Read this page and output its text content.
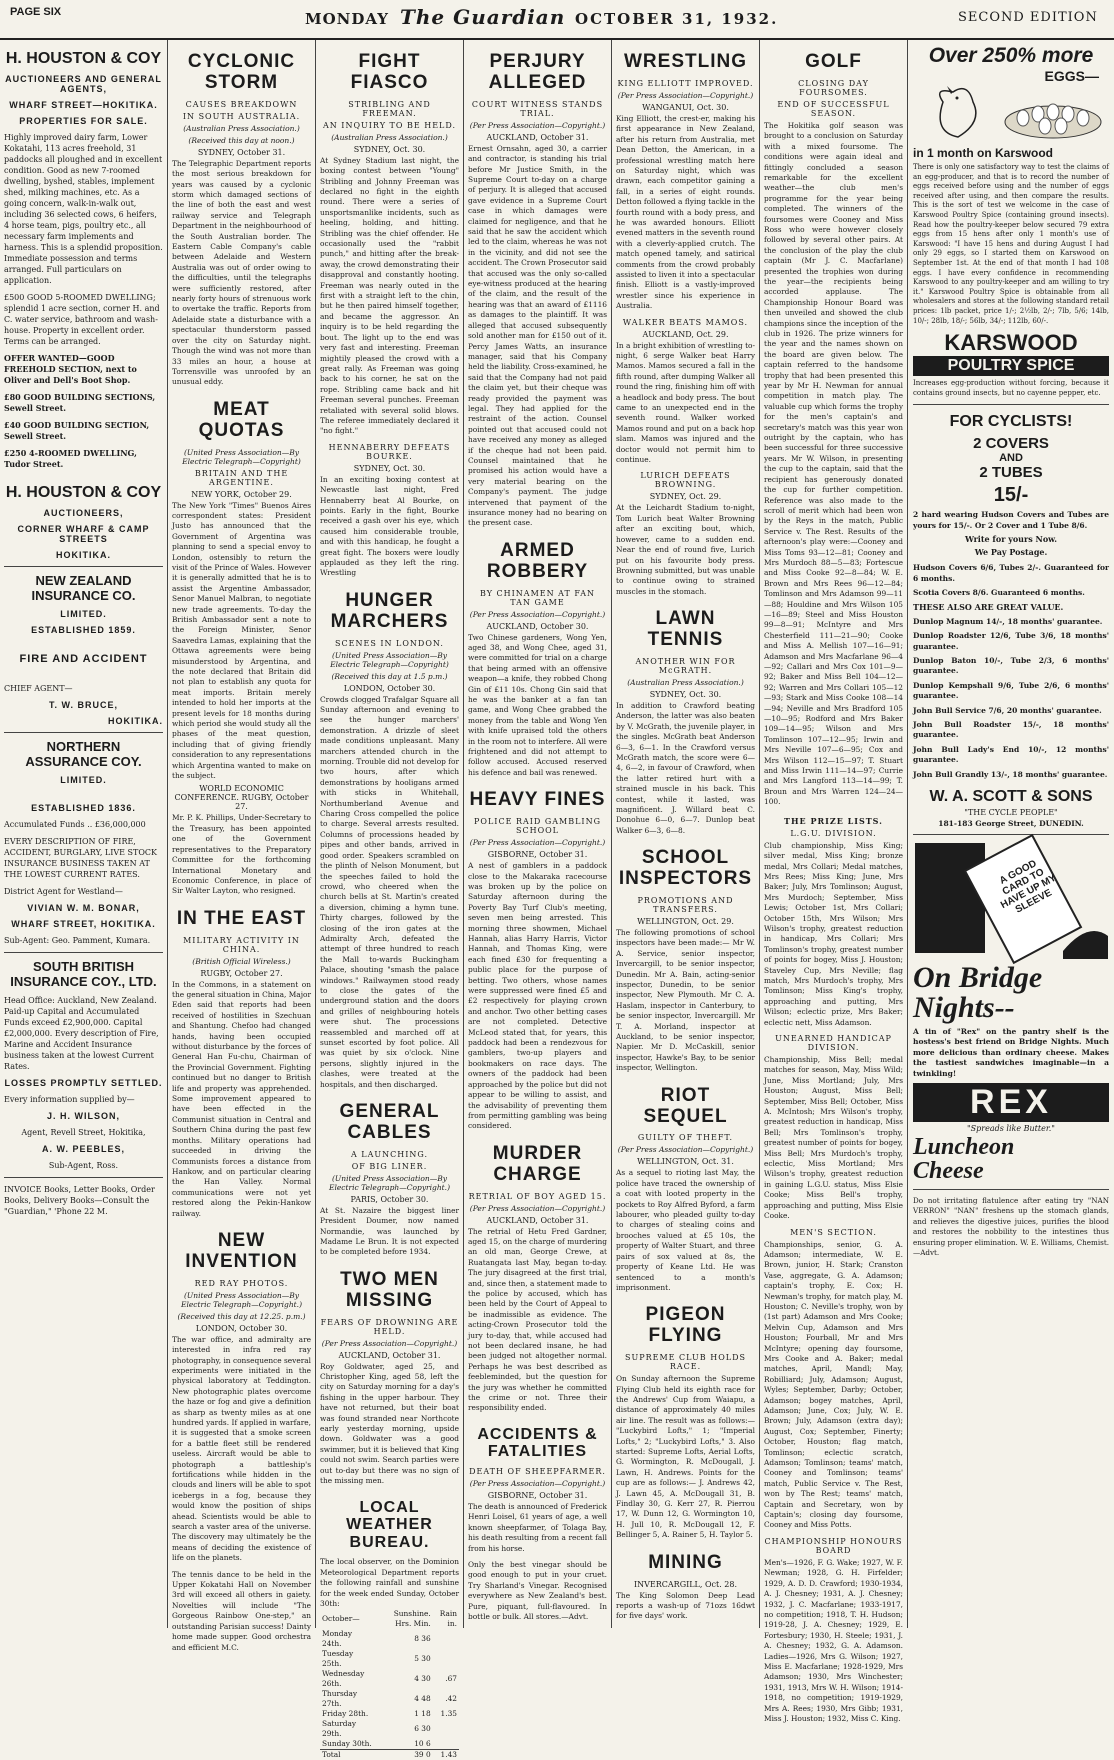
PAGE SIX	MONDAY The Guardian OCTOBER 31, 1932.	SECOND EDITION
H. HOUSTON & COY
AUCTIONEERS AND GENERAL AGENTS,
WHARF STREET—HOKITIKA.
PROPERTIES FOR SALE.

Highly improved dairy farm, Lower Kokatahi, 113 acres freehold, 31 paddocks all ploughed and in excellent condition. Good as new 7-roomed dwelling, byshed, stables, implement shed, milking machines, etc. As a going concern, walk-in-walk out, including 36 selected cows, 6 heifers, 4 horse team, pigs, poultry etc., all necessary farm implements and harness. This is a splendid proposition. Immediate possession and terms arranged. Full particulars on application.

£500 GOOD 5-ROOMED DWELLING; splendid 1 acre section, corner H. and C. water service, bathroom and wash-house. Property in excellent order. Terms can be arranged.

OFFER WANTED—GOOD FREEHOLD SECTION, next to Oliver and Dell's Boot Shop.

£80 GOOD BUILDING SECTIONS, Sewell Street.

£40 GOOD BUILDING SECTION, Sewell Street.

£250 4-ROOMED DWELLING, Tudor Street.

H. HOUSTON & COY
AUCTIONEERS,
CORNER WHARF & CAMP STREETS
HOKITIKA.
NEW ZEALAND INSURANCE CO.
LIMITED.
ESTABLISHED 1859.
FIRE AND ACCIDENT
CHIEF AGENT—
T. W. BRUCE,
HOKITIKA.
NORTHERN ASSURANCE COY.
LIMITED.
ESTABLISHED 1836.

Accumulated Funds .. £36,000,000

EVERY DESCRIPTION OF FIRE, ACCIDENT, BURGLARY, LIVE STOCK INSURANCE BUSINESS TAKEN AT THE LOWEST CURRENT RATES.

District Agent for Westland—

VIVIAN W. M. BONAR,
WHARF STREET, HOKITIKA.

Sub-Agent: Geo. Pamment, Kumara.

SOUTH BRITISH INSURANCE COY., LTD.

Head Office: Auckland, New Zealand. Paid-up Capital and Accumulated Funds exceed £2,900,000. Capital £2,000,000. Every description of Fire, Marine and Accident Insurance business taken at the lowest Current Rates.

LOSSES PROMPTLY SETTLED.

Every information supplied by—

J. H. WILSON,
Agent, Revell Street, Hokitika,
A. W. PEEBLES,
Sub-Agent, Ross.

INVOICE Books, Letter Books, Order Books, Delivery Books—Consult the "Guardian," 'Phone 22 M.

CYCLONIC STORM
CAUSES BREAKDOWN
IN SOUTH AUSTRALIA.
(Australian Press Association.)
(Received this day at noon.)
SYDNEY, October 31.

The Telegraphic Department reports the most serious breakdown for years was caused by a cyclonic storm which damaged sections of the line of both the east and west railway service and Telegraph Department in the neighbourhood of the South Australian border. The Eastern Cable Company's cable between Adelaide and Western Australia was out of order owing to the difficulties, until the telegraphs were sufficiently restored, after nearly forty hours of strenuous work to overtake the traffic. Reports from Adelaide state a disturbance with a spectacular thunderstorm passed over the city on Saturday night. Though the wind was not more than 33 miles an hour, a house at Torrensville was unroofed by an unusual eddy.

MEAT QUOTAS
(United Press Association—By Electric Telegraph—Copyright)
BRITAIN AND THE ARGENTINE.
NEW YORK, October 29.

The New York "Times" Buenos Aires correspondent states: President Justo has announced that the Government of Argentina was planning to send a special envoy to London, ostensibly to return the visit of the Prince of Wales. However it is generally admitted that he is to assist the Argentine Ambassador, Senor Manuel Malbran, to negotiate new trade agreements. To-day the British Ambassador sent a note to the Foreign Minister, Senor Saavedra Lamas, explaining that the Ottawa agreements were being misunderstood by Argentina, and the note declared that Britain did not plan to establish any quota for meat imports. Britain merely intended to hold her imports at the present levels for 18 months during which period she would study all the phases of the meat question, including that of giving friendly consideration to any representations which Argentina wanted to make on the subject.

WORLD ECONOMIC CONFERENCE. RUGBY, October 27.

Mr. P. K. Phillips, Under-Secretary to the Treasury, has been appointed one of the Government representatives to the Preparatory Committee for the forthcoming International Monetary and Economic Conference, in place of Sir Walter Layton, who resigned.

IN THE EAST
MILITARY ACTIVITY IN CHINA.
(British Official Wireless.)
RUGBY, October 27.

In the Commons, in a statement on the general situation in China, Major Eden said that reports had been received of hostilities in Szechuan and Shantung. Chefoo had changed hands, having been occupied without disturbance by the forces of General Han Fu-chu, Chairman of the Provincial Government. Fighting continued but no danger to British life and property was apprehended. Some improvement appeared to have been effected in the Communist situation in Central and Southern China during the past few months. Military operations had succeeded in driving the Communists forces a distance from Hankow, and on particular clearing the Han Valley. Normal communications were not yet restored along the Pekin-Hankow railway.

NEW INVENTION
RED RAY PHOTOS.
(United Press Association—By Electric Telegraph—Copyright.)
(Received this day at 12.25. p.m.)
LONDON, October 30.

The war office, and admiralty are interested in infra red ray photography, in consequence several experiments were initiated in the physical laboratory at Teddington. New photographic plates overcome the haze or fog and give a definition as sharp as twenty miles as at one hundred yards. If applied in warfare, it is suggested that a smoke screen for a battle fleet still be rendered useless. Aircraft would be able to photograph a battleship's fortifications while hidden in the clouds and liners will be able to spot icebergs in a fog, because they would know the position of ships ahead. Scientists would be able to search a vaster area of the universe. The discovery may ultimately be the means of deciding the existence of life on the planets.

The tennis dance to be held in the Upper Kokatahi Hall on November 3rd will exceed all others in gaiety. Novelties will include "The Gorgeous Rainbow One-step," an outstanding Parisian success! Dainty home made supper. Good orchestra and efficient M.C.

FIGHT FIASCO
STRIBLING AND FREEMAN.
AN INQUIRY TO BE HELD.
(Australian Press Association.)
SYDNEY, Oct. 30.

At Sydney Stadium last night, the boxing contest between "Young" Stribling and Johnny Freeman was declared no fight in the eighth round. There were a series of unsportsmanlike incidents, such as heeling, holding, and hitting. Stribling was the chief offender. He occasionally used the "rabbit punch," and hitting after the break-away, the crowd demonstrating their disapproval and constantly hooting. Freeman was nearly outed in the first with a straight left to the chin, but he then paired himself together, and became the aggressor. An inquiry is to be held regarding the bout. The light up to the end was very fast and interesting. Freeman mightily pleased the crowd with a great rally. As Freeman was going back to his corner, he sat on the rope. Stribling came back and hit Freeman several punches. Freeman retaliated with several solid blows. The referee immediately declared it "no fight."

HENNABERRY DEFEATS BOURKE.
SYDNEY, Oct. 30.

In an exciting boxing contest at Newcastle last night, Fred Hennaberry beat Al Bourke, on points. Early in the fight, Bourke received a gash over his eye, which caused him considerable trouble, and with this handicap, he fought a great fight. The boxers were loudly applauded as they left the ring. Wrestling

HUNGER MARCHERS
SCENES IN LONDON.
(United Press Association—By Electric Telegraph—Copyright)
(Received this day at 1.5 p.m.)
LONDON, October 30.

Crowds clogged Trafalgar Square all Sunday afternoon and evening to see the hunger marchers' demonstration. A drizzle of sleet made conditions unpleasant. Many marchers attended church in the morning. Trouble did not develop for two hours, after which demonstrations by hooligans armed with sticks in Whitehall, Northumberland Avenue and Charing Cross compelled the police to charge. Several arrests resulted. Columns of processions headed by pipes and other bands, arrived in good order. Speakers scrambled on the plinth of Nelson Monument, but the speeches failed to hold the crowd, who cheered when the church bells at St. Martin's created a diversion, chiming a hymn tune. Thirty charges, followed by the closing of the iron gates at the Admiralty Arch, defeated the attempt of three hundred to reach the Mall to-wards Buckingham Palace, shouting "smash the palace windows." Railwaymen stood ready to close the gates of the underground station and the doors and grilles of neighbouring hotels were shut. The processions reassembled and marched off at sunset escorted by foot police. All was quiet by six o'clock. Nine persons, slightly injured in the clashes, were treated at the hospitals, and then discharged.

GENERAL CABLES
A LAUNCHING.
OF BIG LINER.
(United Press Association—By Electric Telegraph—Copyright.)
PARIS, October 30.

At St. Nazaire the biggest liner President Doumer, now named Normandie, was launched by Madame Le Brun. It is not expected to be completed before 1934.

TWO MEN MISSING
FEARS OF DROWNING ARE HELD.
(Per Press Association—Copyright.)
AUCKLAND, October 31.

Roy Goldwater, aged 25, and Christopher King, aged 58, left the city on Saturday morning for a day's fishing in the upper harbour. They have not returned, but their boat was found stranded near Northcote early yesterday morning, upside down. Goldwater was a good swimmer, but it is believed that King could not swim. Search parties were out to-day but there was no sign of the missing men.

LOCAL WEATHER BUREAU.

The local observer, on the Dominion Meteorological Department reports the following rainfall and sunshine for the week ended Sunday, October 30th:

October—	Sunshine. Hrs. Min.	Rain in.
Monday 24th.	8 36	
Tuesday 25th.	5 30	
Wednesday 26th.	4 30	.67
Thursday 27th.	4 48	.42
Friday 28th.	1 18	1.35
Saturday 29th.	6 30	
Sunday 30th.	10 6	
Total	39 0	1.43
PERJURY ALLEGED
COURT WITNESS STANDS TRIAL.
(Per Press Association—Copyright.)
AUCKLAND, October 31.

Ernest Ornsahn, aged 30, a carrier and contractor, is standing his trial before Mr Justice Smith, in the Supreme Court to-day on a charge of perjury. It is alleged that accused gave evidence in a Supreme Court case in which damages were claimed for negligence, and that he said that he saw the accident which led to the claim, whereas he was not in the vicinity, and did not see the accident. The Crown Prosecutor said that accused was the only so-called eye-witness produced at the hearing of the claim, and the result of the hearing was that an award of £1116 as damages to the plaintiff. It was alleged that accused subsequently sold another man for £150 out of it. Percy James Watts, an insurance manager, said that his Company held the liability. Cross-examined, he said that the Company had not paid the claim yet, but their cheque was ready provided the payment was legal. They had applied for the restraint of the action. Counsel pointed out that accused could not have received any money as alleged if the cheque had not been paid. Counsel maintained that he promised his action would have a very material bearing on the Company's payment. The judge intervened that payment of the insurance money had no bearing on the present case.

ARMED ROBBERY
BY CHINAMEN AT FAN TAN GAME
(Per Press Association—Copyright.)
AUCKLAND, October 30.

Two Chinese gardeners, Wong Yen, aged 38, and Wong Chee, aged 31, were committed for trial on a charge that being armed with an offensive weapon—a knife, they robbed Chong Gin of £11 10s. Chong Gin said that he was the banker at a fan tan game, and Wong Chee grabbed the money from the table and Wong Yen with knife upraised told the others in the room not to interfere. All were frightened and did not attempt to follow accused. Accused reserved his defence and bail was renewed.

HEAVY FINES
POLICE RAID GAMBLING SCHOOL
(Per Press Association—Copyright.)
GISBORNE, October 31.

A nest of gamblers in a paddock close to the Makaraka racecourse was broken up by the police on Saturday afternoon during the Poverty Bay Turf Club's meeting, seven men being arrested. This morning three showmen, Michael Hannah, alias Harry Harris, Victor Hannah, and Thomas King, were each fined £30 for frequenting a public place for the purpose of betting. Two others, whose names were suppressed were fined £5 and £2 respectively for playing crown and anchor. Two other betting cases are not completed. Detective McLeod stated that, for years, this paddock had been a rendezvous for gamblers, two-up players and bookmakers on race days. The owners of the paddock had been approached by the police but did not appear to be willing to assist, and the advisability of preventing them from permitting gambling was being considered.

MURDER CHARGE
RETRIAL OF BOY AGED 15.
(Per Press Association—Copyright.)
AUCKLAND, October 31.

The retrial of Hetu Fred Gardner, aged 15, on the charge of murdering an old man, George Crewe, at Ruatangata last May, began to-day. The jury disagreed at the first trial, and, since then, a statement made to the police by accused, which has been held by the Court of Appeal to be inadmissible as evidence. The acting-Crown Prosecutor told the jury to-day, that, while accused had not been declared insane, he had been judged not altogether normal. Perhaps he was best described as feebleminded, but the question for the jury was whether he committed the crime or not. Three their responsibility ended.

ACCIDENTS & FATALITIES
DEATH OF SHEEPFARMER.
(Per Press Association—Copyright.)
GISBORNE, October 31.

The death is announced of Frederick Henri Loisel, 61 years of age, a well known sheepfarmer, of Tolaga Bay, his death resulting from a recent fall from his horse.

Only the best vinegar should be good enough to put in your cruet. Try Sharland's Vinegar. Recognised everywhere as New Zealand's best. Pure, piquant, full-flavoured. In bottle or bulk. All stores.—Advt.

WRESTLING
KING ELLIOTT IMPROVED.
(Per Press Association—Copyright.)
WANGANUI, Oct. 30.

King Elliott, the crest-er, making his first appearance in New Zealand, after his return from Australia, met Dean Detton, the American, in a professional wrestling match here on Saturday night, which was drawn, each competitor gaining a fall, in a series of eight rounds. Detton followed a flying tackle in the fourth round with a body press, and he was awarded honours. Elliott evened matters in the seventh round with a cleverly-applied crutch. The match opened tamely, and satirical comments from the crowd probably assisted to liven it into a spectacular finish. Elliott is a vastly-improved wrestler since his experience in Australia.

WALKER BEATS MAMOS.
AUCKLAND, Oct. 29.

In a bright exhibition of wrestling to-night, 6 serge Walker beat Harry Mamos. Mamos secured a fall in the fifth round, after dumping Walker all round the ring, finishing him off with a headlock and body press. The bout came to an unexpected end in the seventh round. Walker worked Mamos round and put on a back hop slam. Mamos was injured and the doctor would not permit him to continue.

LURICH DEFEATS BROWNING.
SYDNEY, Oct. 29.

At the Leichardt Stadium to-night, Tom Lurich beat Walter Browning after an exciting bout, which, however, came to a sudden end. Near the end of round five, Lurich put on his favourite body press. Browning submitted, but was unable to continue owing to strained muscles in the stomach.

LAWN TENNIS
ANOTHER WIN FOR McGRATH.
(Australian Press Association.)
SYDNEY, Oct. 30.

In addition to Crawford beating Anderson, the latter was also beaten by V. McGrath, the juvenile player, in the singles. McGrath beat Anderson 6—3, 6—1. In the Crawford versus McGrath match, the score were 6—4, 6—2, in favour of Crawford, when the latter retired hurt with a strained muscle in his back. This contest, while it lasted, was magnificent. J. Willard beat C. Donohue 6—0, 6—7. Dunlop beat Walker 6—3, 6—8.

SCHOOL INSPECTORS
PROMOTIONS AND TRANSFERS.
WELLINGTON, Oct. 29.

The following promotions of school inspectors have been made:— Mr W. A. Service, senior inspector, Invercargill, to be senior inspector, Dunedin. Mr A. Bain, acting-senior inspector, Dunedin, to be senior inspector, New Plymouth. Mr C. A. Haslam, inspector in Canterbury, to be senior inspector, Invercargill. Mr T. A. Morland, inspector at Auckland, to be senior inspector, Napier. Mr D. McCaskill, senior inspector, Hawke's Bay, to be senior inspector, Wellington.

RIOT SEQUEL
GUILTY OF THEFT.
(Per Press Association—Copyright.)
WELLINGTON, Oct. 31.

As a sequel to rioting last May, the police have traced the ownership of a coat with looted property in the pockets to Roy Alfred Byford, a farm labourer, who pleaded guilty to-day to charges of stealing coins and brooches valued at £5 10s, the property of Walter Stuart, and three pairs of sox valued at 8s, the property of Keane Ltd. He was sentenced to a month's imprisonment.

PIGEON FLYING
SUPREME CLUB HOLDS RACE.

On Sunday afternoon the Supreme Flying Club held its eighth race for the Andrews' Cup from Waiapu, a distance of approximately 40 miles air line. The result was as follows:— "Luckybird Lofts," 1; "Imperial Lofts," 2; "Luckybird Lofts," 3. Also started: Supreme Lofts, Aerial Lofts, G. Wormington, R. McDougall, J. Lawn, H. Andrews. Points for the cup are as follows:— J. Andrews 42, J. Lawn 45, A. McDougall 31, B. Findlay 30, G. Kerr 27, R. Pierrou 17, W. Dunn 12, G. Wormington 10, H. Jull 10, R. McDougall 12, F. Bellinger 5, A. Rainer 5, H. Taylor 5.

MINING
INVERCARGILL, Oct. 28.

The King Solomon Deep Lead reports a wash-up of 71ozs 16dwt for five days' work.

GOLF
CLOSING DAY FOURSOMES.
END OF SUCCESSFUL SEASON.

The Hokitika golf season was brought to a conclusion on Saturday with a mixed foursome. The conditions were again ideal and fittingly concluded a season remarkable for the excellent weather—the club men's programme for the year being completed. The winners of the foursomes were Cooney and Miss Ross who were however closely followed by several other pairs. At the conclusion of the play the club captain (Mr J. C. Macfarlane) presented the trophies won during the year—the recipients being accorded applause. The Championship Honour Board was then unveiled and showed the club champions since the inception of the club in 1926. The prize winners for the year and the names shown on the board are given below. The captain referred to the handsome trophy that had been presented this year by Mr H. Newman for annual competition in match play. The valuable cup which forms the trophy for the men's captain's and secretary's match was this year won outright by the captain, who has been successful for three successive years. Mr W. Wilson, in presenting the cup to the captain, said that the recipient has generously donated the cup for further competition. Reference was also made to the scroll of merit which had been won by the Reys in the match, Public Service v. The Rest. Results of the afternoon's play were:—Cooney and Miss Toms 93—12—81; Cooney and Mrs Murdoch 88—5—83; Fortescue and Miss Cooke 92—8—84; W. E. Brown and Mrs Rees 96—12—84; Tomlinson and Mrs Adamson 99—11—88; Houldine and Mrs Wilson 105—16—89; Steel and Miss Houston 99—8—91; McIntyre and Mrs Chesterfield 111—21—90; Cooke and Miss A. Mellish 107—16—91; Adamson and Mrs Macfarlane 96—4—92; Callari and Mrs Cox 101—9—92; Baker and Miss Bell 104—12—92; Warren and Mrs Collari 105—12—93; Stark and Miss Cooke 108—14—94; Neville and Mrs Bradford 105—10—95; Rodford and Mrs Baker 109—14—95; Wilson and Mrs Tomlinson 107—12—95; Irwin and Mrs Neville 107—6—95; Cox and Mrs Wilson 112—15—97; T. Stuart and Miss Irwin 111—14—97; Currie and Mrs Langford 113—14—99; T. Broun and Mrs Warren 124—24—100.

THE PRIZE LISTS.
L.G.U. DIVISION.

Club championship, Miss King; silver medal, Miss King; bronze medal, Mrs Collari; Medal matches, Mrs Rees; Miss King; June, Mrs Baker; July, Mrs Tomlinson; August, Mrs Murdoch; September, Miss Lewis; October 1st, Mrs Collari; October 15th, Mrs Wilson; Mrs Wilson's trophy, greatest reduction in handicap, Mrs Collari; Mrs Tomlinson's trophy, greatest number of points for bogey, Miss J. Houston; Staveley Cup, Mrs Neville; flag match, Mrs Murdoch's trophy, Mrs Tomlinson; Miss King's trophy, approaching and putting, Mrs Wilson; eclectic prize, Mrs Baker; eclectic nett, Miss Adamson.

UNEARNED HANDICAP DIVISION.

Championship, Miss Bell; medal matches for season, May, Miss Wild; June, Miss Mortland; July, Mrs Houston; August, Miss Bell; September, Miss Bell; October, Miss A. McIntosh; Mrs Wilson's trophy, greatest reduction in handicap, Miss Bell; Mrs Tomlinson's trophy, greatest number of points for bogey, Miss Bell; Mrs Murdoch's trophy, eclectic, Miss Mortland; Mrs Wilson's trophy, greatest reduction in gaining L.G.U. status, Miss Elsie Cooke; Miss Bell's trophy, approaching and putting, Miss Elsie Cooke.

MEN'S SECTION.

Championships, senior, G. A. Adamson; intermediate, W. E. Brown, junior, H. Stark; Cranston Vase, aggregate, G. A. Adamson; captain's trophy, E. Cox; H. Newman's trophy, for match play, M. Houston; C. Neville's trophy, won by (1st part) Adamson and Mrs Cooke; Melvin Cup, Adamson and Mrs Houston; Fourball, Mr and Mrs McIntyre; opening day foursome, Mrs Cooke and A. Baker; medal matches, April, Mandl; May, Robilliard; July, Adamson; August, Wyles; September, Darby; October, Adamson; bogey matches, April, Adamson; June, Cox; July, W. E. Brown; July, Adamson (extra day); August, Cox; September, Finerty; October, Houston; flag match, Tomlinson; eclectic scratch, Adamson; Tomlinson; teams' match, Cooney and Tomlinson; teams' match, Public Service v. The Rest, won by The Rest; teams' match, Captain and Secretary, won by Captain's; closing day foursome, Cooney and Miss Potts.

CHAMPIONSHIP HONOURS BOARD

Men's—1926, F. G. Wake; 1927, W. F. Newman; 1928, G. H. Firfelder; 1929, A. D. D. Crawford; 1930-1934, A. J. Chesney; 1931, A. J. Chesney; 1932, J. C. Macfarlane; 1933-1917, no competition; 1918, T. H. Hudson; 1919-28, J. A. Chesney; 1929, E. Fortesbury; 1930, H. Steele; 1931, J. A. Chesney; 1932, G. A. Adamson. Ladies—1926, Mrs G. Wilson; 1927, Miss E. Macfarlane; 1928-1929, Mrs Adamson; 1930, Mrs Winchester; 1931, 1913, Mrs W. H. Wilson; 1914-1918, no competition; 1919-1929, Mrs A. Rees; 1930, Mrs Gibb; 1931, Miss J. Houston; 1932, Miss C. King.

Over 250% more
EGGS—
in 1 month on Karswood

There is only one satisfactory way to test the claims of an egg-producer, and that is to record the number of eggs received before using and the number of eggs received after using, and then compare the results. This is the sort of test we welcome in the case of Karswood Poultry Spice (containing ground insects). Read how the poultry-keeper below secured 79 extra eggs from 15 hens after only 1 month's use of Karswood: "I have 15 hens and during August I had only 29 eggs, so I started them on Karswood on September 1st. At the end of that month I had 108 eggs. I have every confidence in recommending Karswood to any poultry-keeper and am willing to try it." Karswood Poultry Spice is obtainable from all wholesalers and stores at the following standard retail prices: 1lb packet, price 1/-; 2½lb, 2/-; 7lb, 5/6; 14lb, 10/-; 28lb, 18/-; 56lb, 34/-; 112lb, 60/-.

KARSWOOD
POULTRY SPICE

Increases egg-production without forcing, because it contains ground insects, but no cayenne pepper, etc.

FOR CYCLISTS!
2 COVERS
AND
2 TUBES
15/-

2 hard wearing Hudson Covers and Tubes are yours for 15/-. Or 2 Cover and 1 Tube 8/6.

Write for yours Now.
We Pay Postage.

Hudson Covers 6/6, Tubes 2/-. Guaranteed for 6 months.

Scotia Covers 8/6. Guaranteed 6 months.

THESE ALSO ARE GREAT VALUE.

Dunlop Magnum 14/-, 18 months' guarantee.

Dunlop Roadster 12/6, Tube 3/6, 18 months' guarantee.

Dunlop Baton 10/-, Tube 2/3, 6 months' guarantee.

Dunlop Kempshall 9/6, Tube 2/6, 6 months' guarantee.

John Bull Service 7/6, 20 months' guarantee.

John Bull Roadster 15/-, 18 months' guarantee.

John Bull Lady's End 10/-, 12 months' guarantee.

John Bull Grandly 13/-, 18 months' guarantee.

W. A. SCOTT & SONS
"THE CYCLE PEOPLE"
181-183 George Street, DUNEDIN.
A GOOD CARD TO HAVE UP MY SLEEVE
On Bridge
Nights--

A tin of "Rex" on the pantry shelf is the hostess's best friend on Bridge Nights. Much more delicious than ordinary cheese. Makes the tastiest sandwiches imaginable—in a twinkling!

REX
"Spreads like Butter."
Luncheon
Cheese

Do not irritating flatulence after eating try "NAN VERRON" "NAN" freshens up the stomach glands, and relieves the digestive juices, purifies the blood and restores the nobbility to the intestines thus ensuring proper elimination. W. E. Williams, Chemist.—Advt.
